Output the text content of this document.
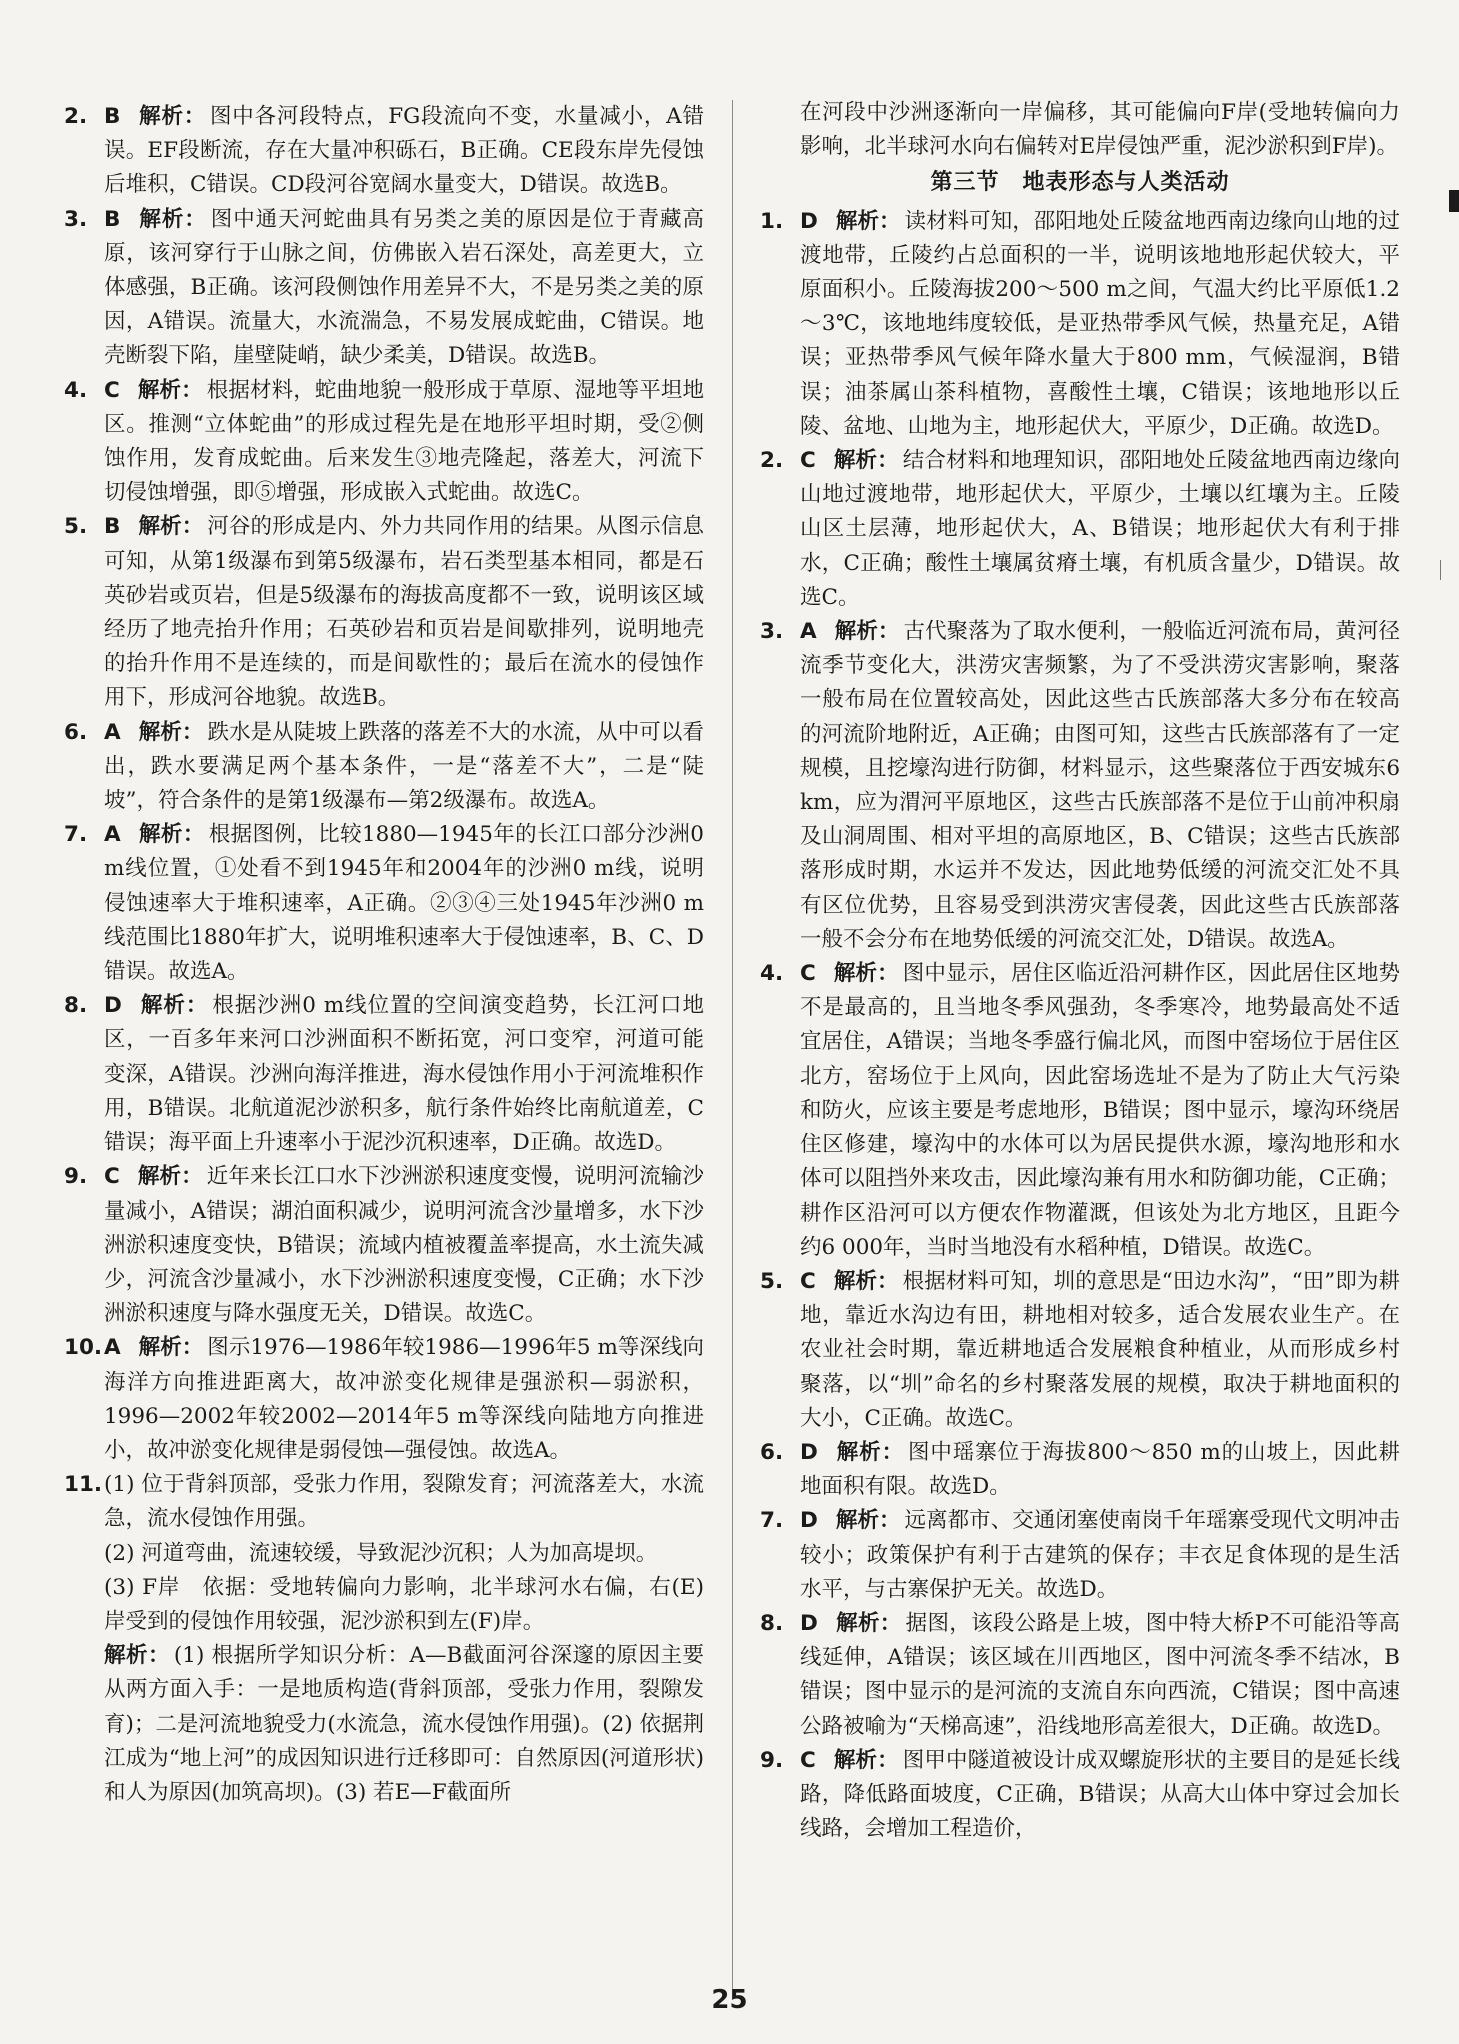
2. B 解析： 图中各河段特点，FG段流向不变，水量减小，A错误。EF段断流，存在大量冲积砾石，B正确。CE段东岸先侵蚀后堆积，C错误。CD段河谷宽阔水量变大，D错误。故选B。
3. B 解析： 图中通天河蛇曲具有另类之美的原因是位于青藏高原，该河穿行于山脉之间，仿佛嵌入岩石深处，高差更大，立体感强，B正确。该河段侧蚀作用差异不大，不是另类之美的原因，A错误。流量大，水流湍急，不易发展成蛇曲，C错误。地壳断裂下陷，崖壁陡峭，缺少柔美，D错误。故选B。
4. C 解析： 根据材料，蛇曲地貌一般形成于草原、湿地等平坦地区。推测“立体蛇曲”的形成过程先是在地形平坦时期，受②侧蚀作用，发育成蛇曲。后来发生③地壳隆起，落差大，河流下切侵蚀增强，即⑤增强，形成嵌入式蛇曲。故选C。
5. B 解析： 河谷的形成是内、外力共同作用的结果。从图示信息可知，从第1级瀑布到第5级瀑布，岩石类型基本相同，都是石英砂岩或页岩，但是5级瀑布的海拔高度都不一致，说明该区域经历了地壳抬升作用；石英砂岩和页岩是间歇排列，说明地壳的抬升作用不是连续的，而是间歇性的；最后在流水的侵蚀作用下，形成河谷地貌。故选B。
6. A 解析： 跌水是从陡坡上跌落的落差不大的水流，从中可以看出，跌水要满足两个基本条件，一是“落差不大”，二是“陡坡”，符合条件的是第1级瀑布—第2级瀑布。故选A。
7. A 解析： 根据图例，比较1880—1945年的长江口部分沙洲0 m线位置，①处看不到1945年和2004年的沙洲0 m线，说明侵蚀速率大于堆积速率，A正确。②③④三处1945年沙洲0 m线范围比1880年扩大，说明堆积速率大于侵蚀速率，B、C、D错误。故选A。
8. D 解析： 根据沙洲0 m线位置的空间演变趋势，长江河口地区，一百多年来河口沙洲面积不断拓宽，河口变窄，河道可能变深，A错误。沙洲向海洋推进，海水侵蚀作用小于河流堆积作用，B错误。北航道泥沙淤积多，航行条件始终比南航道差，C错误；海平面上升速率小于泥沙沉积速率，D正确。故选D。
9. C 解析： 近年来长江口水下沙洲淤积速度变慢，说明河流输沙量减小，A错误；湖泊面积减少，说明河流含沙量增多，水下沙洲淤积速度变快，B错误；流域内植被覆盖率提高，水土流失减少，河流含沙量减小，水下沙洲淤积速度变慢，C正确；水下沙洲淤积速度与降水强度无关，D错误。故选C。
10. A 解析： 图示1976—1986年较1986—1996年5 m等深线向海洋方向推进距离大，故冲淤变化规律是强淤积—弱淤积，1996—2002年较2002—2014年5 m等深线向陆地方向推进小，故冲淤变化规律是弱侵蚀—强侵蚀。故选A。
11. (1) 位于背斜顶部，受张力作用，裂隙发育；河流落差大，水流急，流水侵蚀作用强。
(2) 河道弯曲，流速较缓，导致泥沙沉积；人为加高堤坝。
(3) F岸　依据：受地转偏向力影响，北半球河水右偏，右(E)岸受到的侵蚀作用较强，泥沙淤积到左(F)岸。
解析： (1) 根据所学知识分析：A—B截面河谷深邃的原因主要从两方面入手：一是地质构造(背斜顶部，受张力作用，裂隙发育)；二是河流地貌受力(水流急，流水侵蚀作用强)。(2) 依据荆江成为“地上河”的成因知识进行迁移即可：自然原因(河道形状)和人为原因(加筑高坝)。(3) 若E—F截面所

在河段中沙洲逐渐向一岸偏移，其可能偏向F岸(受地转偏向力影响，北半球河水向右偏转对E岸侵蚀严重，泥沙淤积到F岸)。

第三节　地表形态与人类活动
1. D 解析： 读材料可知，邵阳地处丘陵盆地西南边缘向山地的过渡地带，丘陵约占总面积的一半，说明该地地形起伏较大，平原面积小。丘陵海拔200～500 m之间，气温大约比平原低1.2～3℃，该地地纬度较低，是亚热带季风气候，热量充足，A错误；亚热带季风气候年降水量大于800 mm，气候湿润，B错误；油茶属山茶科植物，喜酸性土壤，C错误；该地地形以丘陵、盆地、山地为主，地形起伏大，平原少，D正确。故选D。
2. C 解析： 结合材料和地理知识，邵阳地处丘陵盆地西南边缘向山地过渡地带，地形起伏大，平原少，土壤以红壤为主。丘陵山区土层薄，地形起伏大，A、B错误；地形起伏大有利于排水，C正确；酸性土壤属贫瘠土壤，有机质含量少，D错误。故选C。
3. A 解析： 古代聚落为了取水便利，一般临近河流布局，黄河径流季节变化大，洪涝灾害频繁，为了不受洪涝灾害影响，聚落一般布局在位置较高处，因此这些古氏族部落大多分布在较高的河流阶地附近，A正确；由图可知，这些古氏族部落有了一定规模，且挖壕沟进行防御，材料显示，这些聚落位于西安城东6 km，应为渭河平原地区，这些古氏族部落不是位于山前冲积扇及山洞周围、相对平坦的高原地区，B、C错误；这些古氏族部落形成时期，水运并不发达，因此地势低缓的河流交汇处不具有区位优势，且容易受到洪涝灾害侵袭，因此这些古氏族部落一般不会分布在地势低缓的河流交汇处，D错误。故选A。
4. C 解析： 图中显示，居住区临近沿河耕作区，因此居住区地势不是最高的，且当地冬季风强劲，冬季寒冷，地势最高处不适宜居住，A错误；当地冬季盛行偏北风，而图中窑场位于居住区北方，窑场位于上风向，因此窑场选址不是为了防止大气污染和防火，应该主要是考虑地形，B错误；图中显示，壕沟环绕居住区修建，壕沟中的水体可以为居民提供水源，壕沟地形和水体可以阻挡外来攻击，因此壕沟兼有用水和防御功能，C正确；耕作区沿河可以方便农作物灌溉，但该处为北方地区，且距今约6 000年，当时当地没有水稻种植，D错误。故选C。
5. C 解析： 根据材料可知，圳的意思是“田边水沟”，“田”即为耕地，靠近水沟边有田，耕地相对较多，适合发展农业生产。在农业社会时期，靠近耕地适合发展粮食种植业，从而形成乡村聚落，以“圳”命名的乡村聚落发展的规模，取决于耕地面积的大小，C正确。故选C。
6. D 解析： 图中瑶寨位于海拔800～850 m的山坡上，因此耕地面积有限。故选D。
7. D 解析： 远离都市、交通闭塞使南岗千年瑶寨受现代文明冲击较小；政策保护有利于古建筑的保存；丰衣足食体现的是生活水平，与古寨保护无关。故选D。
8. D 解析： 据图，该段公路是上坡，图中特大桥P不可能沿等高线延伸，A错误；该区域在川西地区，图中河流冬季不结冰，B错误；图中显示的是河流的支流自东向西流，C错误；图中高速公路被喻为“天梯高速”，沿线地形高差很大，D正确。故选D。
9. C 解析： 图甲中隧道被设计成双螺旋形状的主要目的是延长线路，降低路面坡度，C正确，B错误；从高大山体中穿过会加长线路，会增加工程造价，
25
